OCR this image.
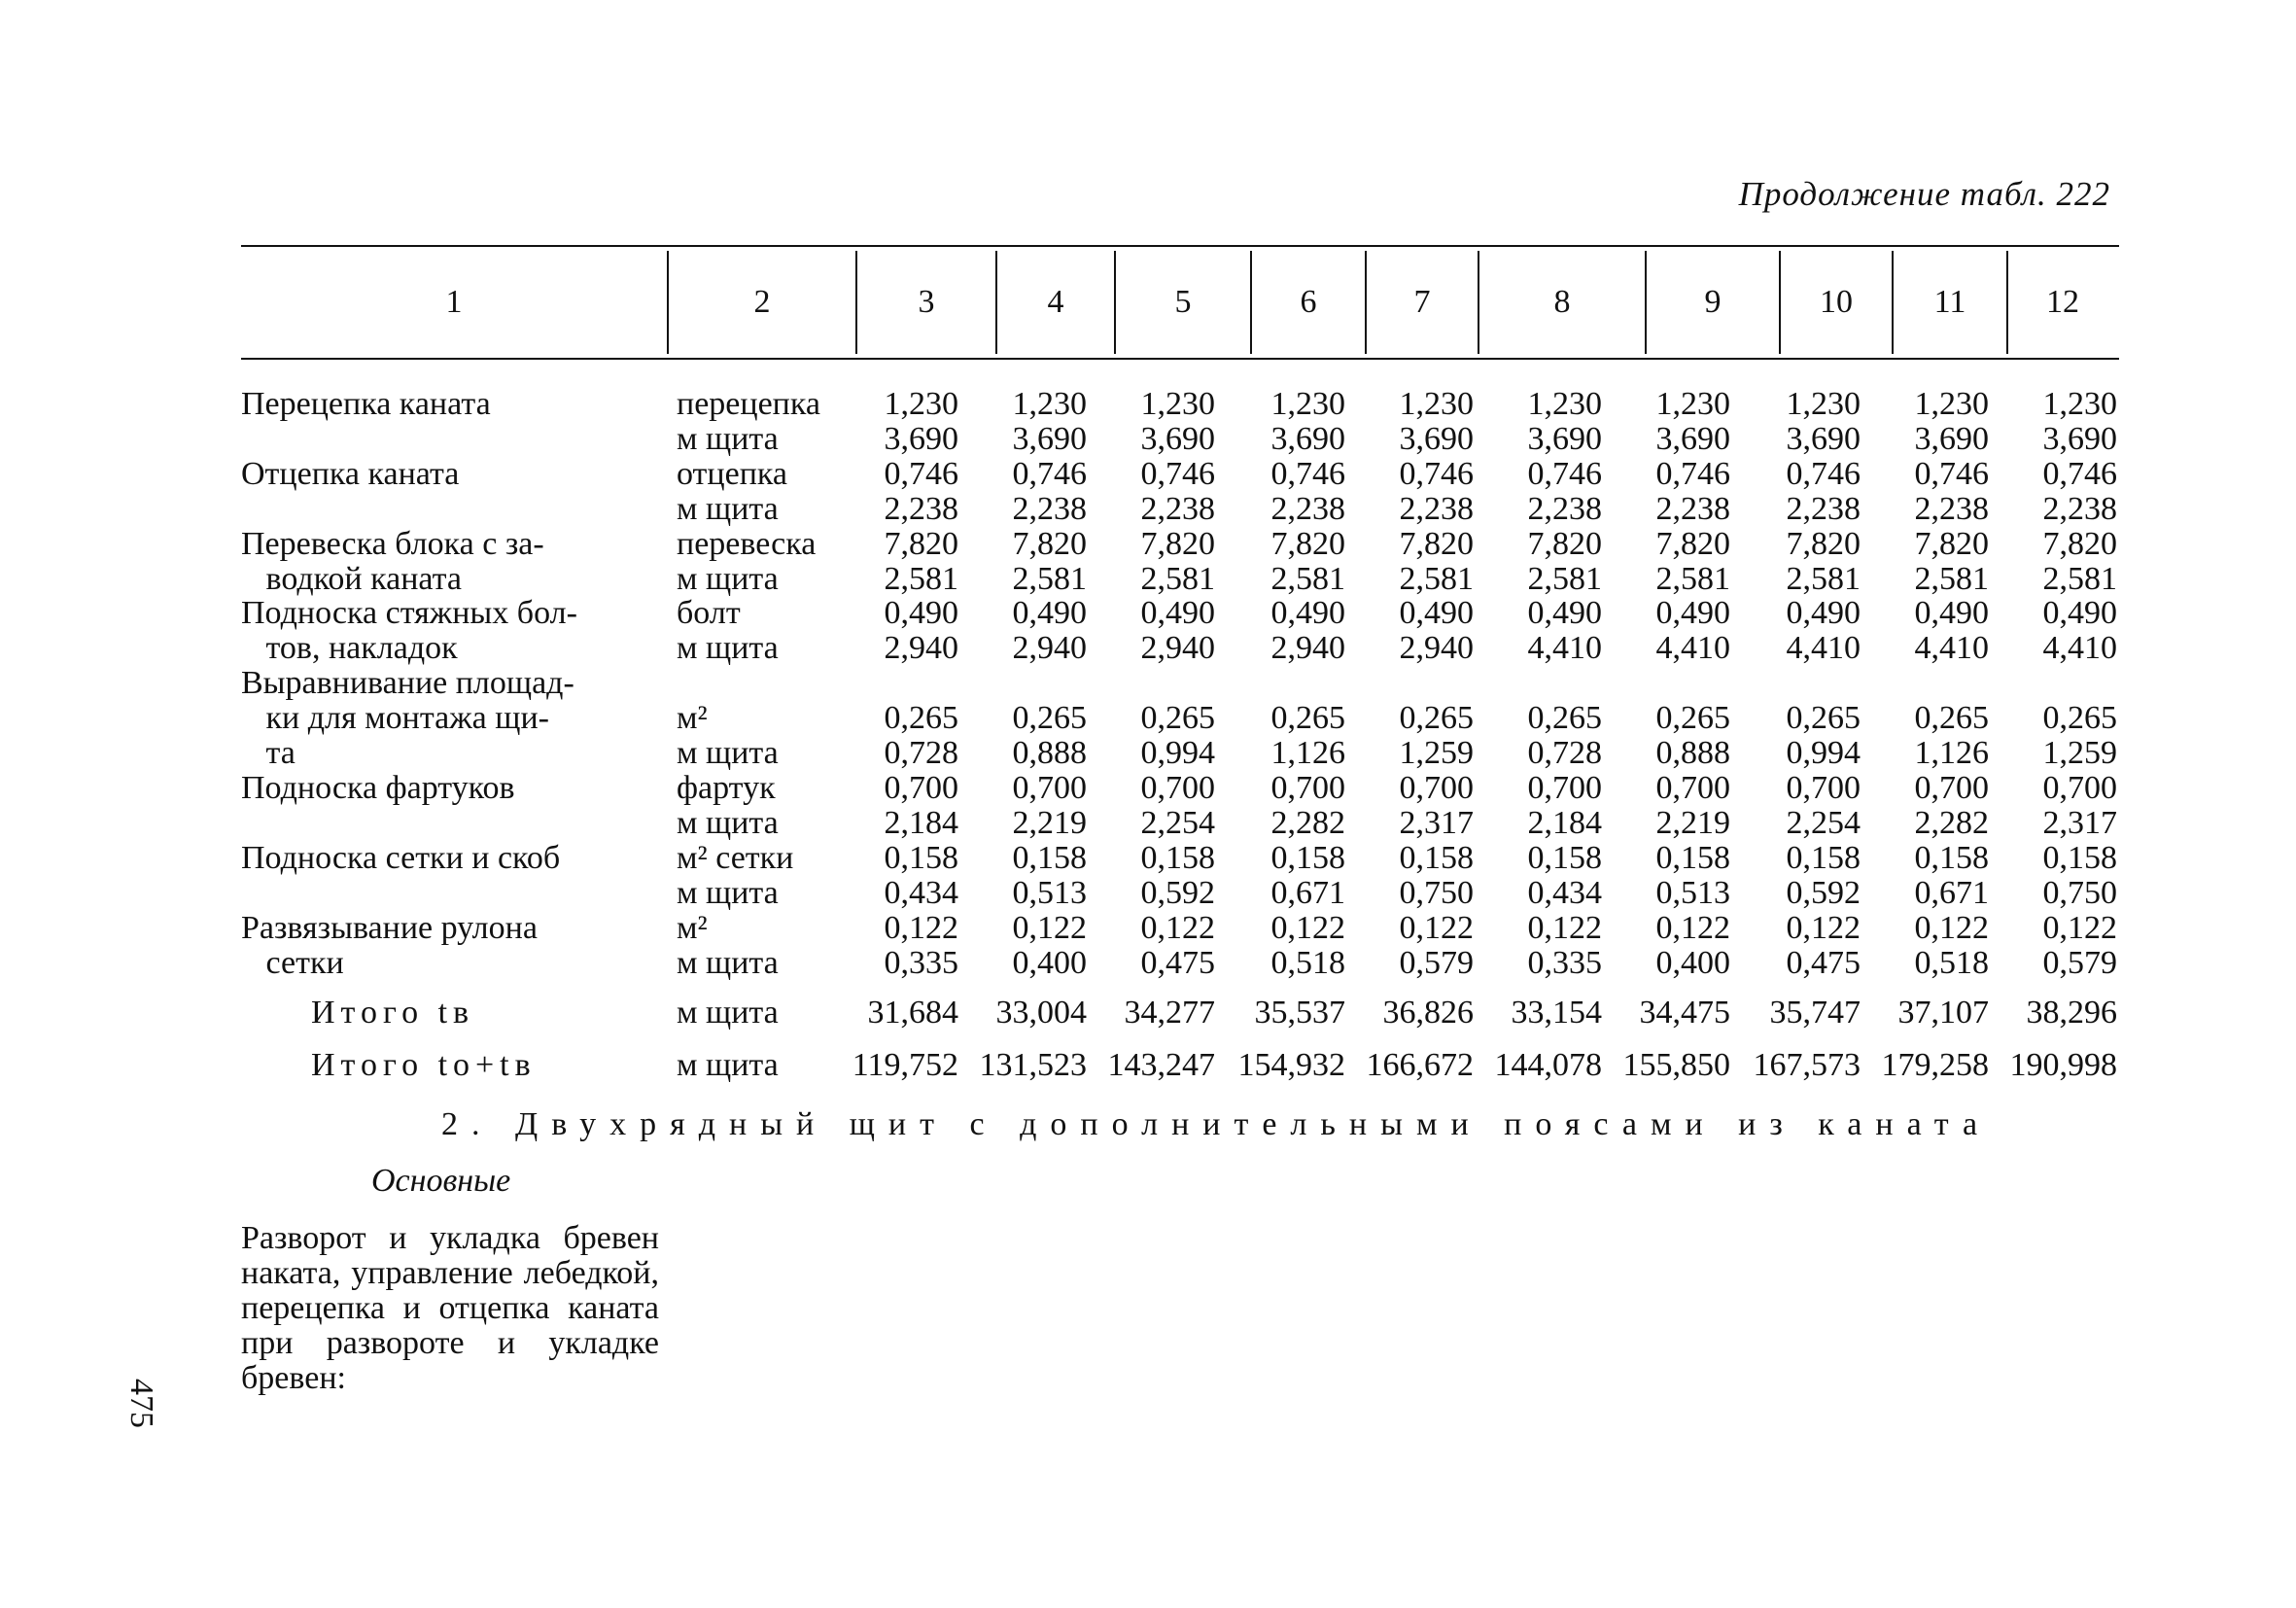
Продолжение табл. 222
1	2	3	4	5	6	7	8	9	10	11	12
Перецепка каната	перецепка	1,230	1,230	1,230	1,230	1,230	1,230	1,230	1,230	1,230	1,230
м щита	3,690	3,690	3,690	3,690	3,690	3,690	3,690	3,690	3,690	3,690
Отцепка каната	отцепка	0,746	0,746	0,746	0,746	0,746	0,746	0,746	0,746	0,746	0,746
м щита	2,238	2,238	2,238	2,238	2,238	2,238	2,238	2,238	2,238	2,238
Перевеска блока с за-	перевеска	7,820	7,820	7,820	7,820	7,820	7,820	7,820	7,820	7,820	7,820
водкой каната	м щита	2,581	2,581	2,581	2,581	2,581	2,581	2,581	2,581	2,581	2,581
Подноска стяжных бол-	болт	0,490	0,490	0,490	0,490	0,490	0,490	0,490	0,490	0,490	0,490
тов, накладок	м щита	2,940	2,940	2,940	2,940	2,940	4,410	4,410	4,410	4,410	4,410
Выравнивание площад-
ки для монтажа щи-	м²	0,265	0,265	0,265	0,265	0,265	0,265	0,265	0,265	0,265	0,265
та	м щита	0,728	0,888	0,994	1,126	1,259	0,728	0,888	0,994	1,126	1,259
Подноска фартуков	фартук	0,700	0,700	0,700	0,700	0,700	0,700	0,700	0,700	0,700	0,700
м щита	2,184	2,219	2,254	2,282	2,317	2,184	2,219	2,254	2,282	2,317
Подноска сетки и скоб	м² сетки	0,158	0,158	0,158	0,158	0,158	0,158	0,158	0,158	0,158	0,158
м щита	0,434	0,513	0,592	0,671	0,750	0,434	0,513	0,592	0,671	0,750
Развязывание рулона	м²	0,122	0,122	0,122	0,122	0,122	0,122	0,122	0,122	0,122	0,122
сетки	м щита	0,335	0,400	0,475	0,518	0,579	0,335	0,400	0,475	0,518	0,579
Итого tв	м щита	31,684	33,004	34,277	35,537	36,826	33,154	34,475	35,747	37,107	38,296
Итого tо+tв	м щита	119,752 131,523 143,247 154,932 166,672 144,078 155,850 167,573 179,258 190,998
2. Двухрядный щит с дополнительными поясами из каната
Основные
Разворот и укладка бревен наката, управление лебедкой, перецепка и отцепка каната при развороте и укладке бревен:
475
